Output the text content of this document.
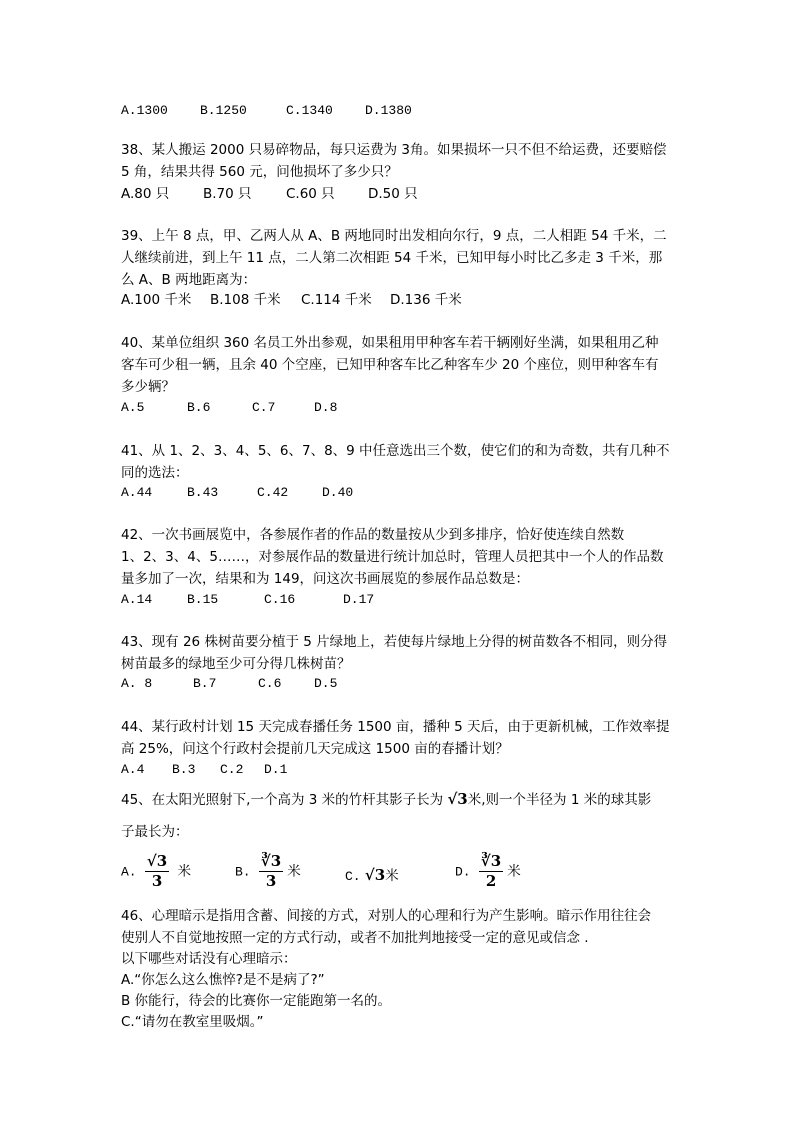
A.1300 B.1250	C.1340 D.1380
38、某人搬运 2000 只易碎物品，每只运费为 3角。如果损坏一只不但不给运费，还要赔偿
5 角，结果共得 560 元，问他损坏了多少只？
A.80 只 B.70 只	C.60 只 D.50 只
39、上午 8 点，甲、乙两人从 A、B 两地同时出发相向尔行，9 点，二人相距 54 千米，二
人继续前进，到上午 11 点，二人第二次相距 54 千米，已知甲每小时比乙多走 3 千米，那
么 A、B 两地距离为：
A.100 千米 B.108 千米 C.114 千米 D.136 千米
40、某单位组织 360 名员工外出参观，如果租用甲种客车若干辆刚好坐满，如果租用乙种
客车可少租一辆，且余 40 个空座，已知甲种客车比乙种客车少 20 个座位，则甲种客车有
多少辆？
A.5	B.6	C.7	D.8
41、从 1、2、3、4、5、6、7、8、9 中任意选出三个数，使它们的和为奇数，共有几种不
同的选法：
A.44	B.43	C.42	D.40
42、一次书画展览中，各参展作者的作品的数量按从少到多排序，恰好使连续自然数
1、2、3、4、5……，对参展作品的数量进行统计加总时，管理人员把其中一个人的作品数
量多加了一次，结果和为 149，问这次书画展览的参展作品总数是：
A.14	B.15	C.16	D.17
43、现有 26 株树苗要分植于 5 片绿地上，若使每片绿地上分得的树苗数各不相同，则分得
树苗最多的绿地至少可分得几株树苗？
A. 8	B.7	C.6	D.5
44、某行政村计划 15 天完成春播任务 1500 亩，播种 5 天后，由于更新机械，工作效率提
高 25%，问这个行政村会提前几天完成这 1500 亩的春播计划？
A.4 B.3 C.2 D.1
45、在太阳光照射下,一个高为 3 米的竹杆其影子长为 √3米,则一个半径为 1 米的球其影
子最长为：
A. $\frac{√3}{3}$ 米	B. $\frac{∛3}{3}$ 米	C. √3米	D. $\frac{∛3}{2}$ 米
46、心理暗示是指用含蓄、间接的方式，对别人的心理和行为产生影响。暗示作用往往会
使别人不自觉地按照一定的方式行动，或者不加批判地接受一定的意见或信念 .
以下哪些对话没有心理暗示：
A.“你怎么这么憔悴?是不是病了?”
B 你能行，待会的比赛你一定能跑第一名的。
C.“请勿在教室里吸烟。”
